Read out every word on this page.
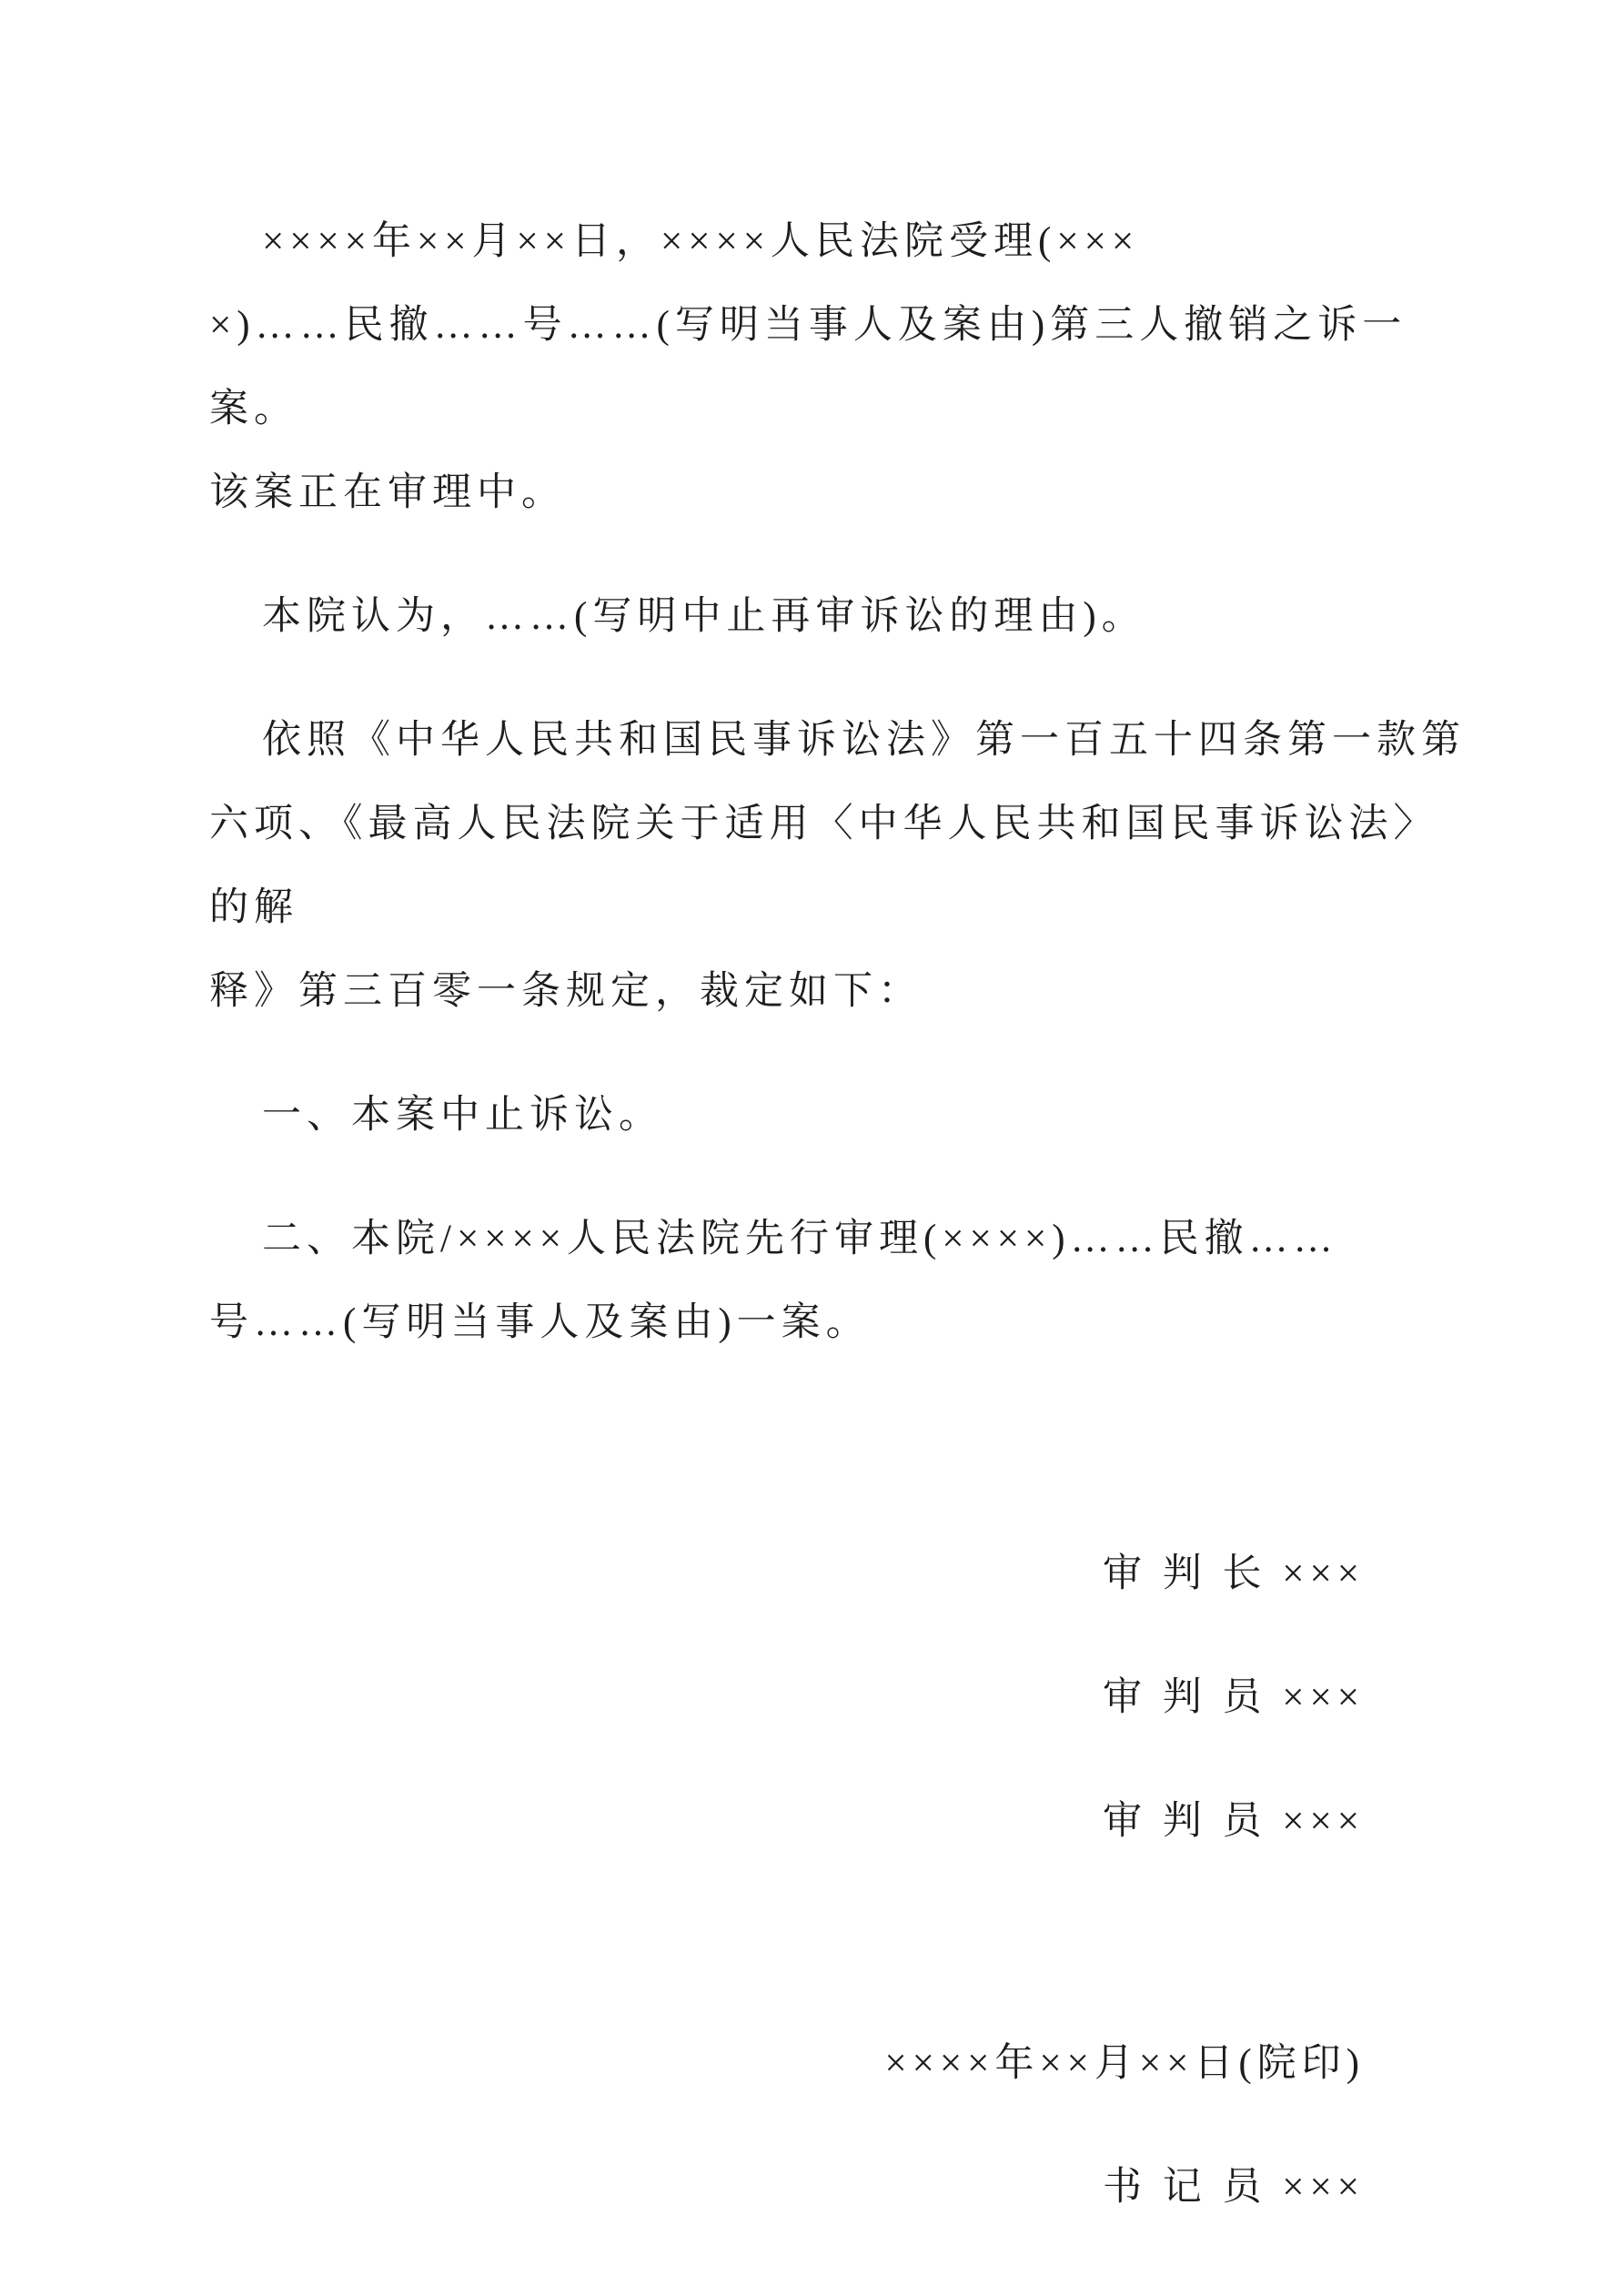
××××年××月××日，××××人民法院受理(×××
×)……民撤……号……(写明当事人及案由)第三人撤销之诉一案。
该案正在审理中。

本院认为，……(写明中止再审诉讼的理由)。

依照《中华人民共和国民事诉讼法》第一百五十四条第一款第
六项、《最高人民法院关于适用〈中华人民共和国民事诉讼法〉的解
释》第三百零一条规定，裁定如下：

一、本案中止诉讼。

二、本院/××××人民法院先行审理(××××)……民撤……
号……(写明当事人及案由)一案。

审 判 长 ×××

审 判 员 ×××

审 判 员 ×××

××××年××月××日(院印)

书 记 员 ×××
